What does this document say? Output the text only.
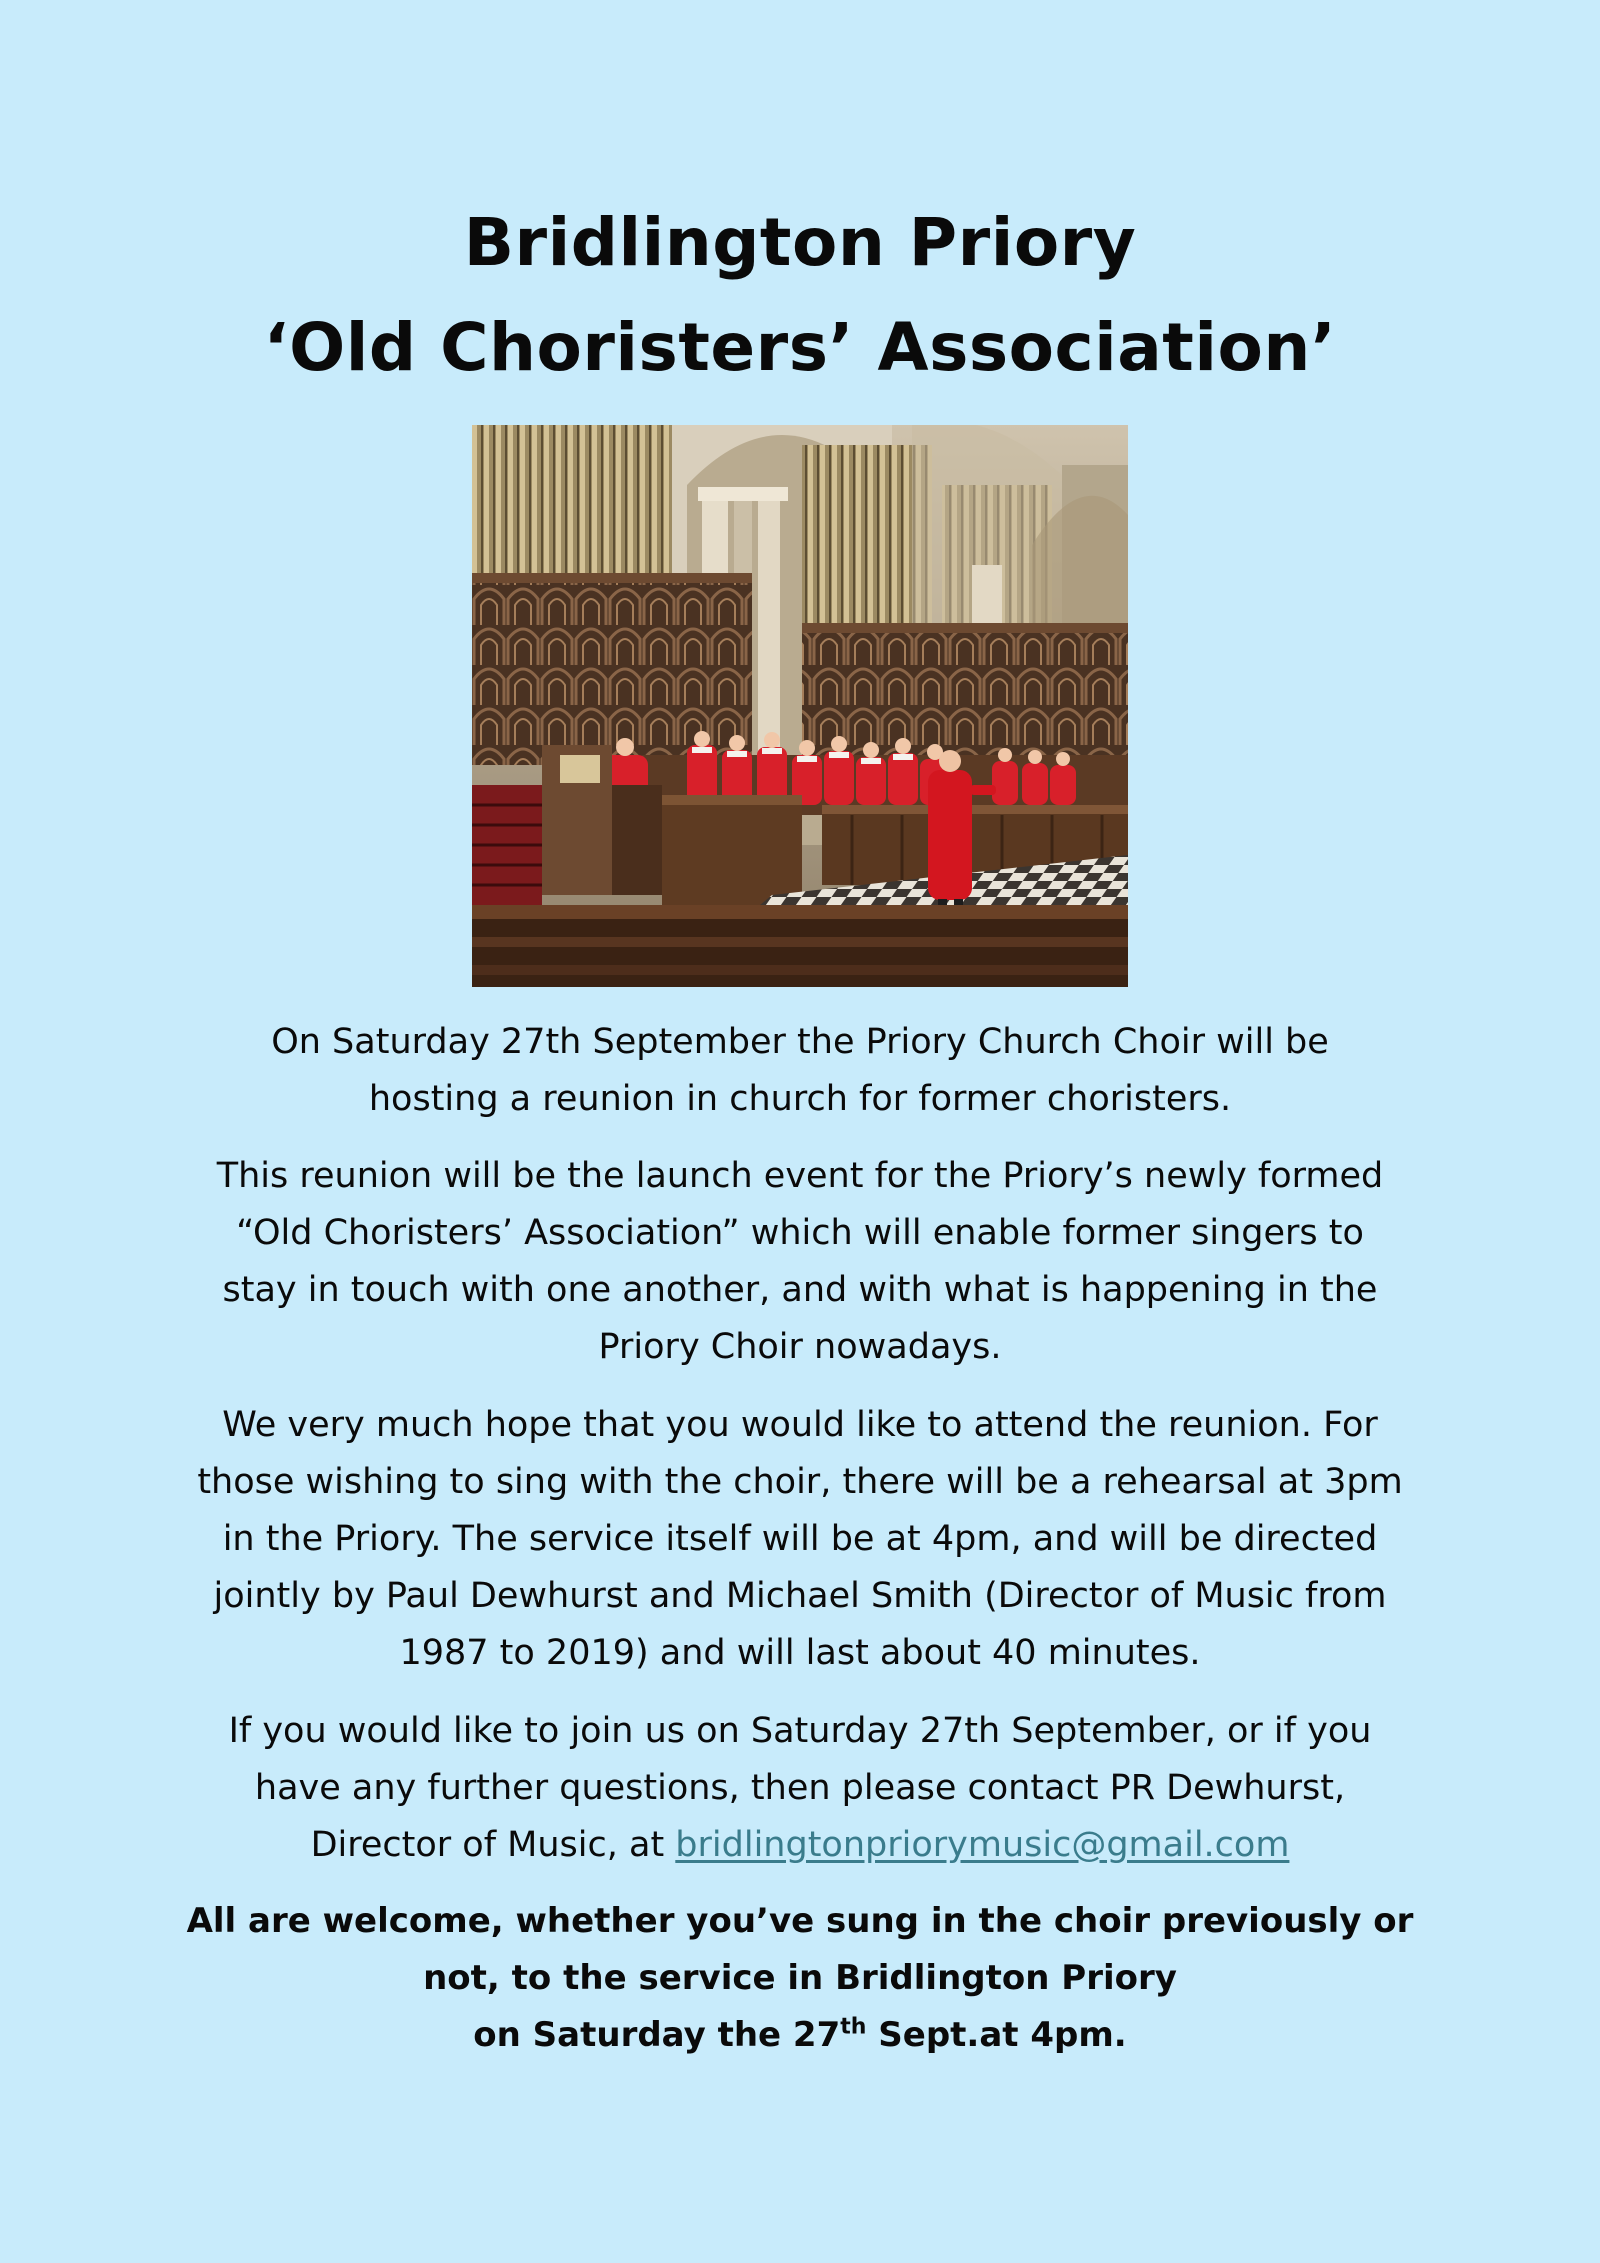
Bridlington Priory
‘Old Choristers’ Association’

On Saturday 27th September the Priory Church Choir will be
hosting a reunion in church for former choristers.

This reunion will be the launch event for the Priory’s newly formed
“Old Choristers’ Association” which will enable former singers to
stay in touch with one another, and with what is happening in the
Priory Choir nowadays.

We very much hope that you would like to attend the reunion. For
those wishing to sing with the choir, there will be a rehearsal at 3pm
in the Priory. The service itself will be at 4pm, and will be directed
jointly by Paul Dewhurst and Michael Smith (Director of Music from
1987 to 2019) and will last about 40 minutes.

If you would like to join us on Saturday 27th September, or if you
have any further questions, then please contact PR Dewhurst,
Director of Music, at bridlingtonpriorymusic@gmail.com

All are welcome, whether you’ve sung in the choir previously or
not, to the service in Bridlington Priory
on Saturday the 27th Sept.at 4pm.
